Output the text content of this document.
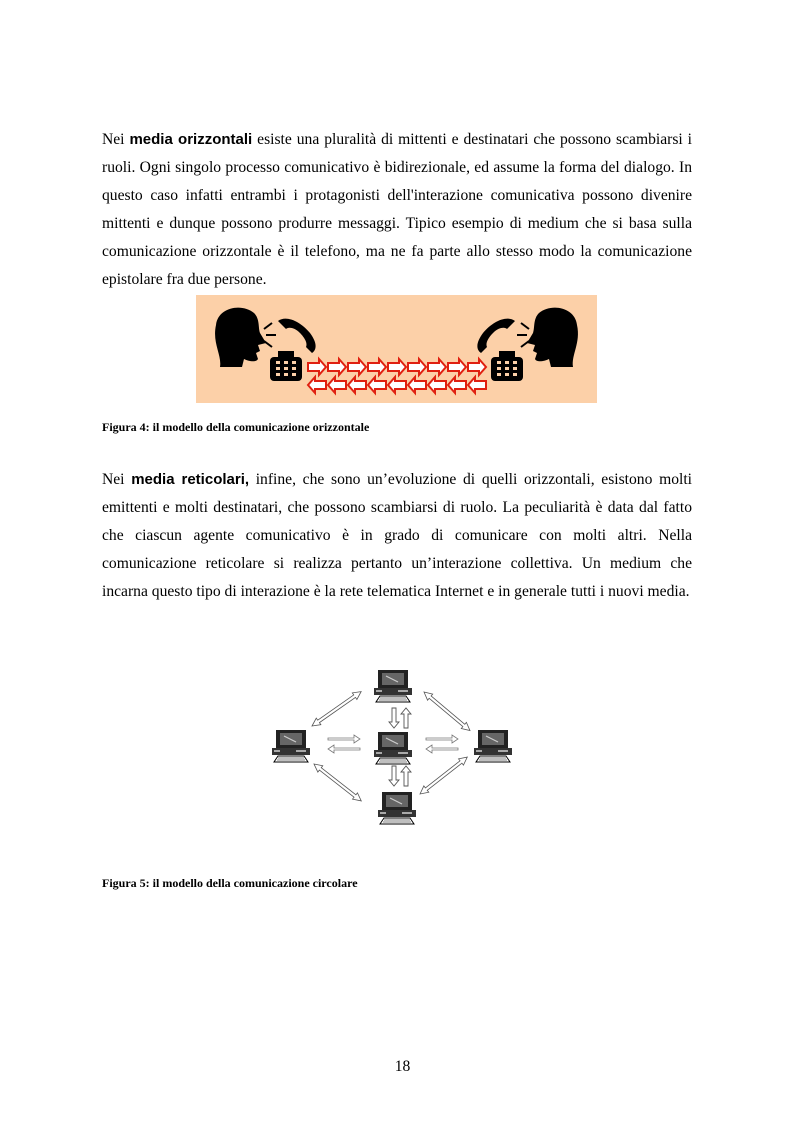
Nei media orizzontali esiste una pluralità di mittenti e destinatari che possono scambiarsi i ruoli. Ogni singolo processo comunicativo è bidirezionale, ed assume la forma del dialogo. In questo caso infatti entrambi i protagonisti dell'interazione comunicativa possono divenire mittenti e dunque possono produrre messaggi. Tipico esempio di medium che si basa sulla comunicazione orizzontale è il telefono, ma ne fa parte allo stesso modo la comunicazione epistolare fra due persone.

Figura 4: il modello della comunicazione orizzontale

Nei media reticolari, infine, che sono un’evoluzione di quelli orizzontali, esistono molti emittenti e molti destinatari, che possono scambiarsi di ruolo. La peculiarità è data dal fatto che ciascun agente comunicativo è in grado di comunicare con molti altri. Nella comunicazione reticolare si realizza pertanto un’interazione collettiva. Un medium che incarna questo tipo di interazione è la rete telematica Internet e in generale tutti i nuovi media.

Figura 5: il modello della comunicazione circolare

18
